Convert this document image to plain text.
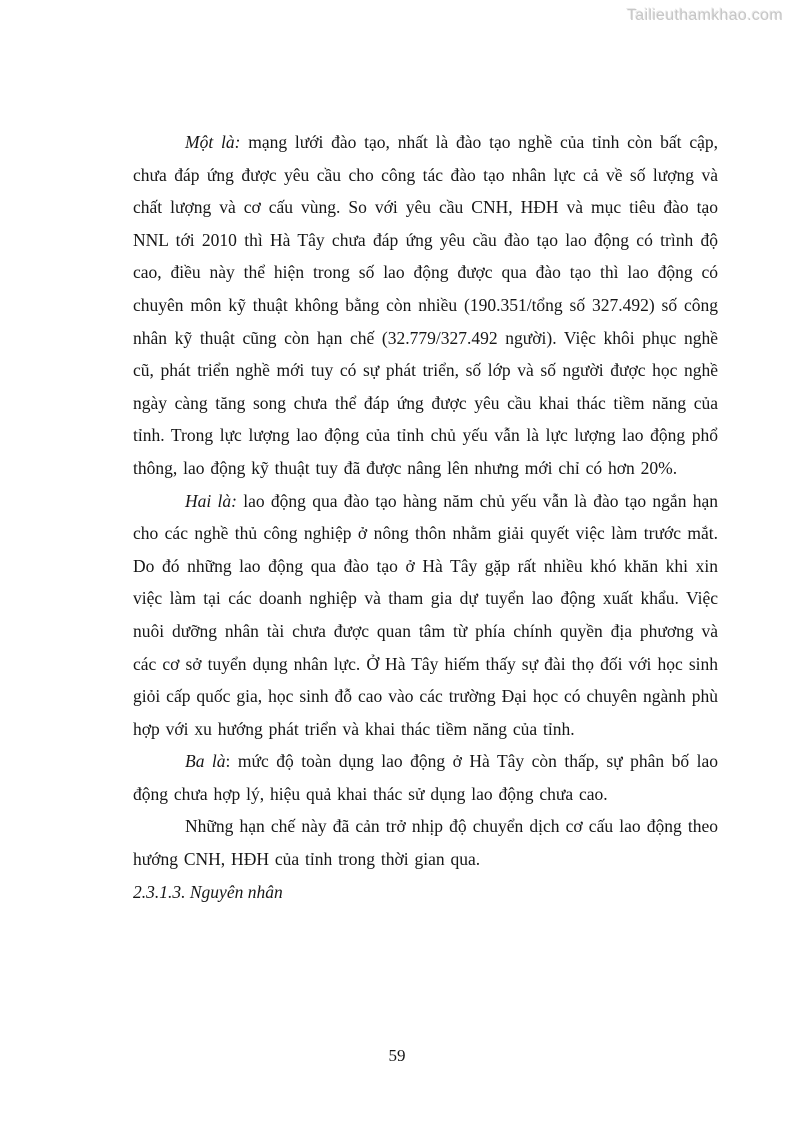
Tailieuthamkhao.com

Một là: mạng lưới đào tạo, nhất là đào tạo nghề của tỉnh còn bất cập, chưa đáp ứng được yêu cầu cho công tác đào tạo nhân lực cả về số lượng và chất lượng và cơ cấu vùng. So với yêu cầu CNH, HĐH và mục tiêu đào tạo NNL tới 2010 thì Hà Tây chưa đáp ứng yêu cầu đào tạo lao động có trình độ cao, điều này thể hiện trong số lao động được qua đào tạo thì lao động có chuyên môn kỹ thuật không bằng còn nhiều (190.351/tổng số 327.492) số công nhân kỹ thuật cũng còn hạn chế (32.779/327.492 người). Việc khôi phục nghề cũ, phát triển nghề mới tuy có sự phát triển, số lớp và số người được học nghề ngày càng tăng song chưa thể đáp ứng được yêu cầu khai thác tiềm năng của tỉnh. Trong lực lượng lao động của tỉnh chủ yếu vẫn là lực lượng lao động phổ thông, lao động kỹ thuật tuy đã được nâng lên nhưng mới chỉ có hơn 20%.

Hai là: lao động qua đào tạo hàng năm chủ yếu vẫn là đào tạo ngắn hạn cho các nghề thủ công nghiệp ở nông thôn nhằm giải quyết việc làm trước mắt. Do đó những lao động qua đào tạo ở Hà Tây gặp rất nhiều khó khăn khi xin việc làm tại các doanh nghiệp và tham gia dự tuyển lao động xuất khẩu. Việc nuôi dưỡng nhân tài chưa được quan tâm từ phía chính quyền địa phương và các cơ sở tuyển dụng nhân lực. Ở Hà Tây hiếm thấy sự đài thọ đối với học sinh giỏi cấp quốc gia, học sinh đỗ cao vào các trường Đại học có chuyên ngành phù hợp với xu hướng phát triển và khai thác tiềm năng của tỉnh.

Ba là: mức độ toàn dụng lao động ở Hà Tây còn thấp, sự phân bố lao động chưa hợp lý, hiệu quả khai thác sử dụng lao động chưa cao.

Những hạn chế này đã cản trở nhịp độ chuyển dịch cơ cấu lao động theo hướng CNH, HĐH của tỉnh trong thời gian qua.

2.3.1.3. Nguyên nhân
59
